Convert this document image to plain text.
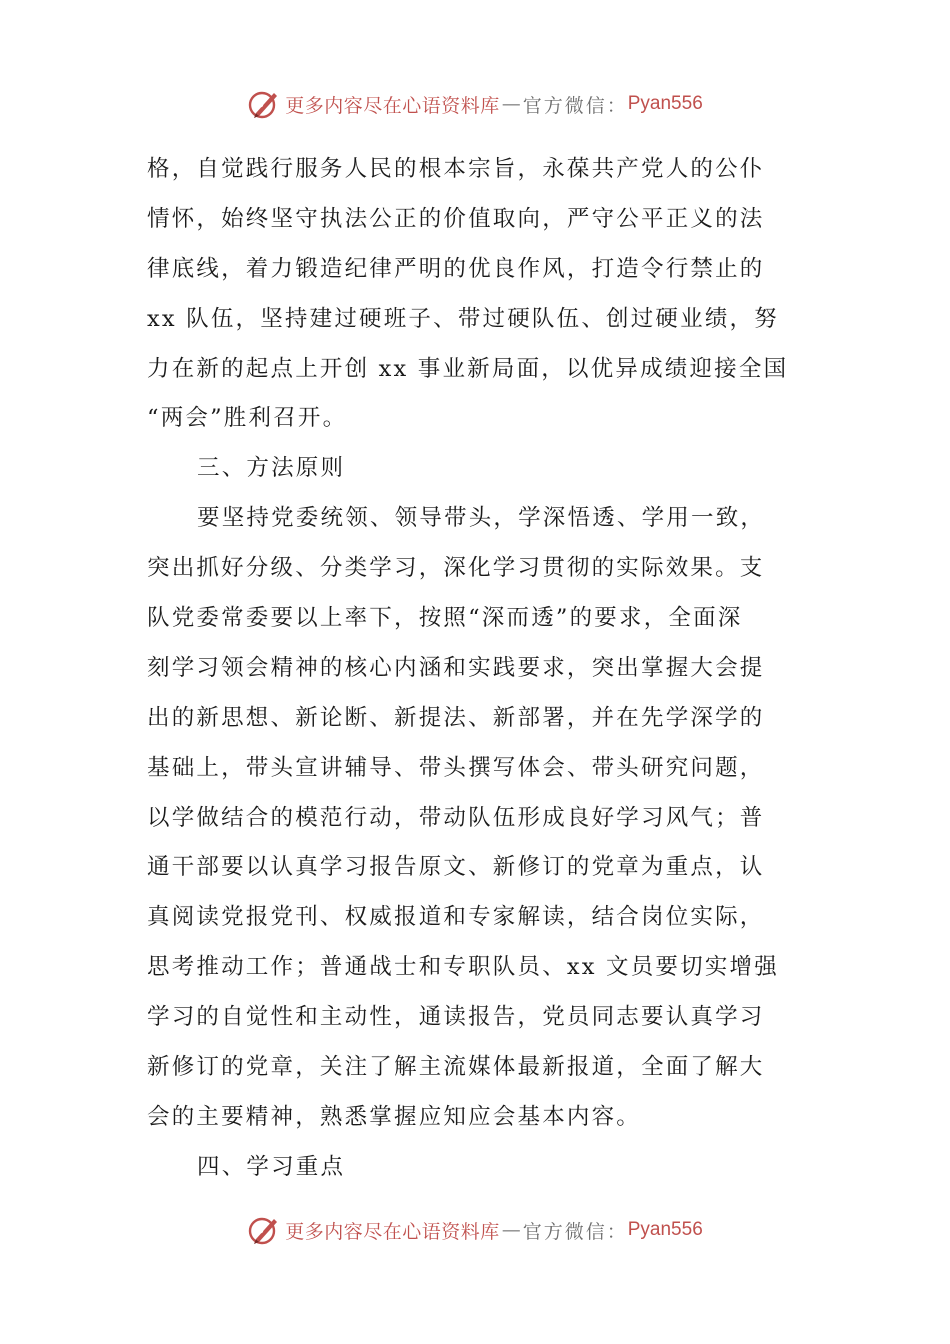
更多内容尽在心语资料库 — 官方微信： Pyan556
格，自觉践行服务人民的根本宗旨，永葆共产党人的公仆
情怀，始终坚守执法公正的价值取向，严守公平正义的法
律底线，着力锻造纪律严明的优良作风，打造令行禁止的
xx 队伍，坚持建过硬班子、带过硬队伍、创过硬业绩，努
力在新的起点上开创 xx 事业新局面，以优异成绩迎接全国
“两会”胜利召开。
三、方法原则
要坚持党委统领、领导带头，学深悟透、学用一致，
突出抓好分级、分类学习，深化学习贯彻的实际效果。支
队党委常委要以上率下，按照“深而透”的要求，全面深
刻学习领会精神的核心内涵和实践要求，突出掌握大会提
出的新思想、新论断、新提法、新部署，并在先学深学的
基础上，带头宣讲辅导、带头撰写体会、带头研究问题，
以学做结合的模范行动，带动队伍形成良好学习风气；普
通干部要以认真学习报告原文、新修订的党章为重点，认
真阅读党报党刊、权威报道和专家解读，结合岗位实际，
思考推动工作；普通战士和专职队员、xx 文员要切实增强
学习的自觉性和主动性，通读报告，党员同志要认真学习
新修订的党章，关注了解主流媒体最新报道，全面了解大
会的主要精神，熟悉掌握应知应会基本内容。
四、学习重点
更多内容尽在心语资料库 — 官方微信： Pyan556
